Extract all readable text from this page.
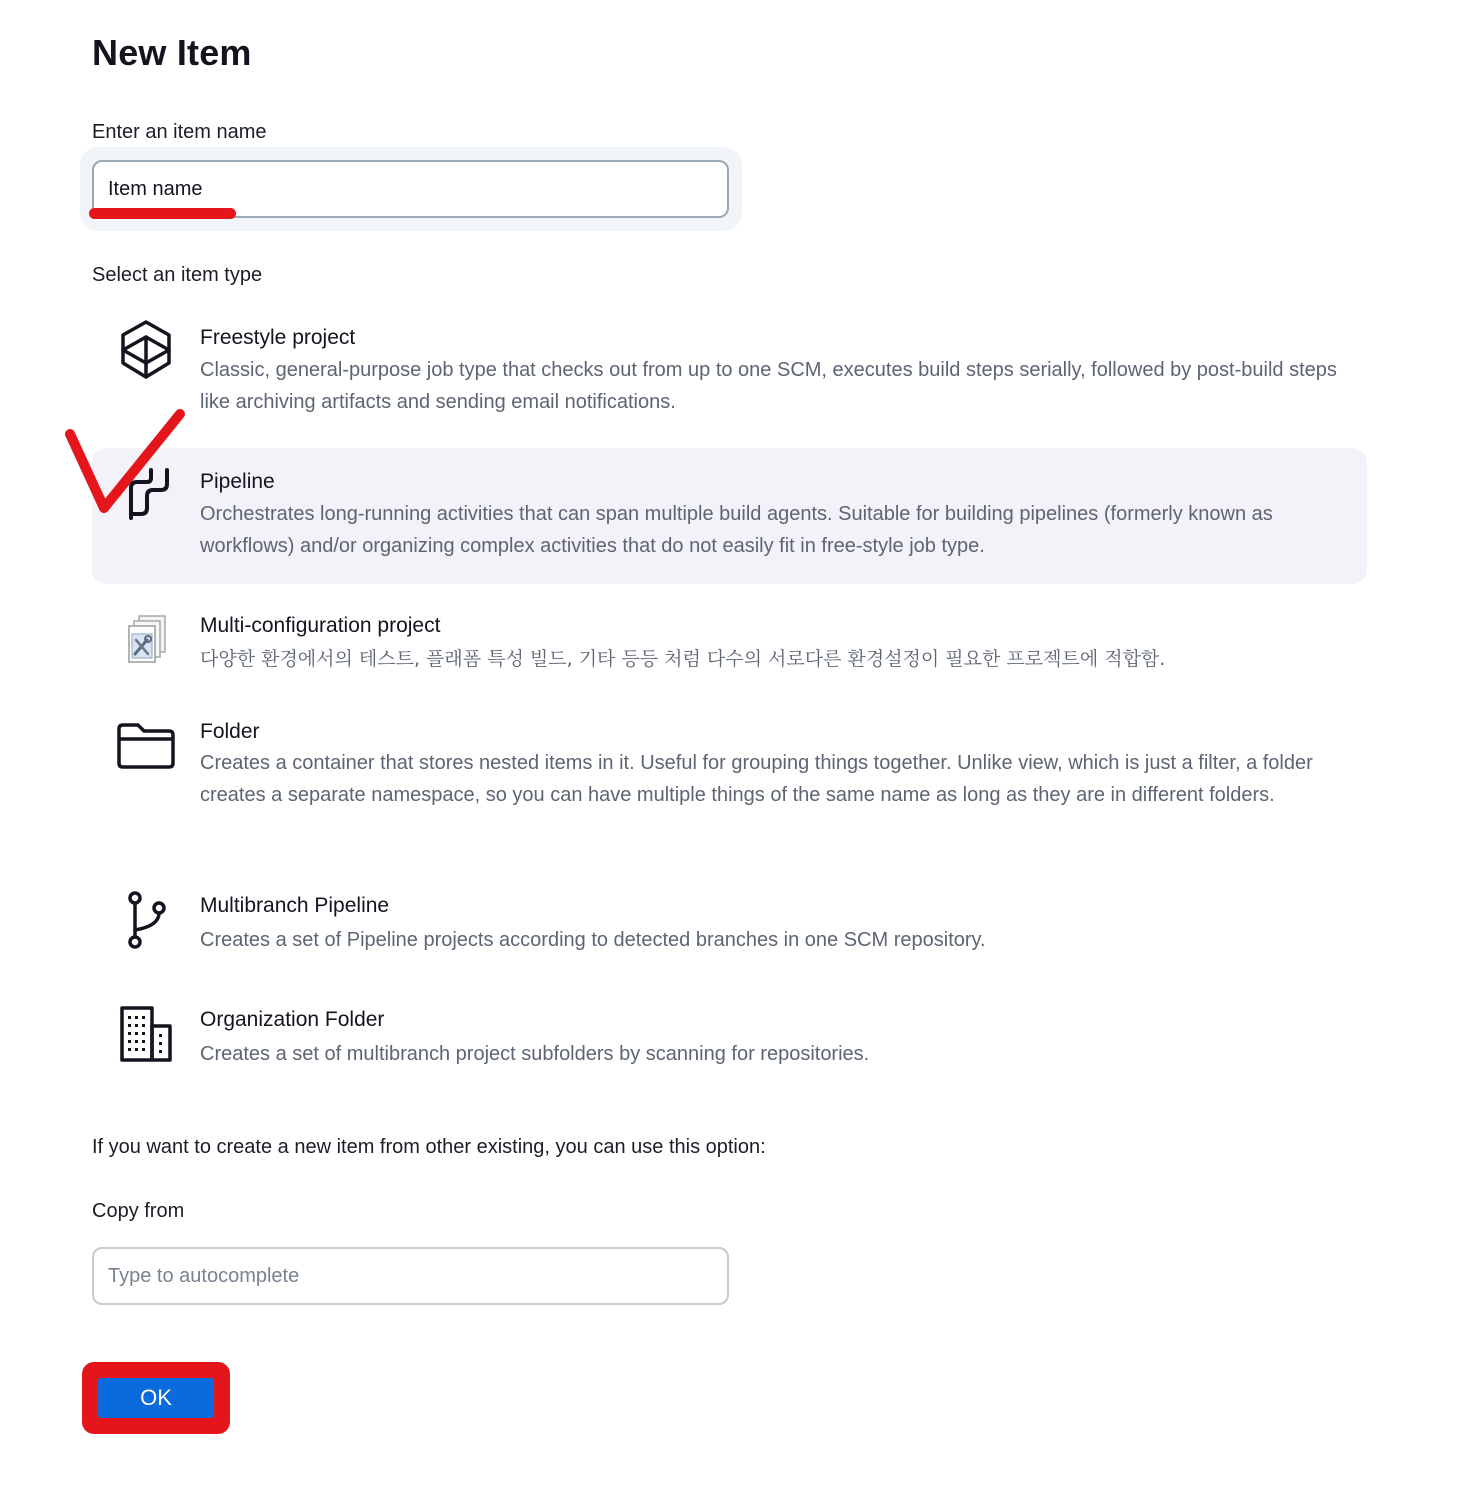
New Item
Enter an item name
Item name
Select an item type
Freestyle project
Classic, general-purpose job type that checks out from up to one SCM, executes build steps serially, followed by post-build steps like archiving artifacts and sending email notifications.
Pipeline
Orchestrates long-running activities that can span multiple build agents. Suitable for building pipelines (formerly known as workflows) and/or organizing complex activities that do not easily fit in free-style job type.
Multi-configuration project
다양한 환경에서의 테스트, 플래폼 특성 빌드, 기타 등등 처럼 다수의 서로다른 환경설정이 필요한 프로젝트에 적합함.
Folder
Creates a container that stores nested items in it. Useful for grouping things together. Unlike view, which is just a filter, a folder creates a separate namespace, so you can have multiple things of the same name as long as they are in different folders.
Multibranch Pipeline
Creates a set of Pipeline projects according to detected branches in one SCM repository.
Organization Folder
Creates a set of multibranch project subfolders by scanning for repositories.
If you want to create a new item from other existing, you can use this option:
Copy from
Type to autocomplete
OK
